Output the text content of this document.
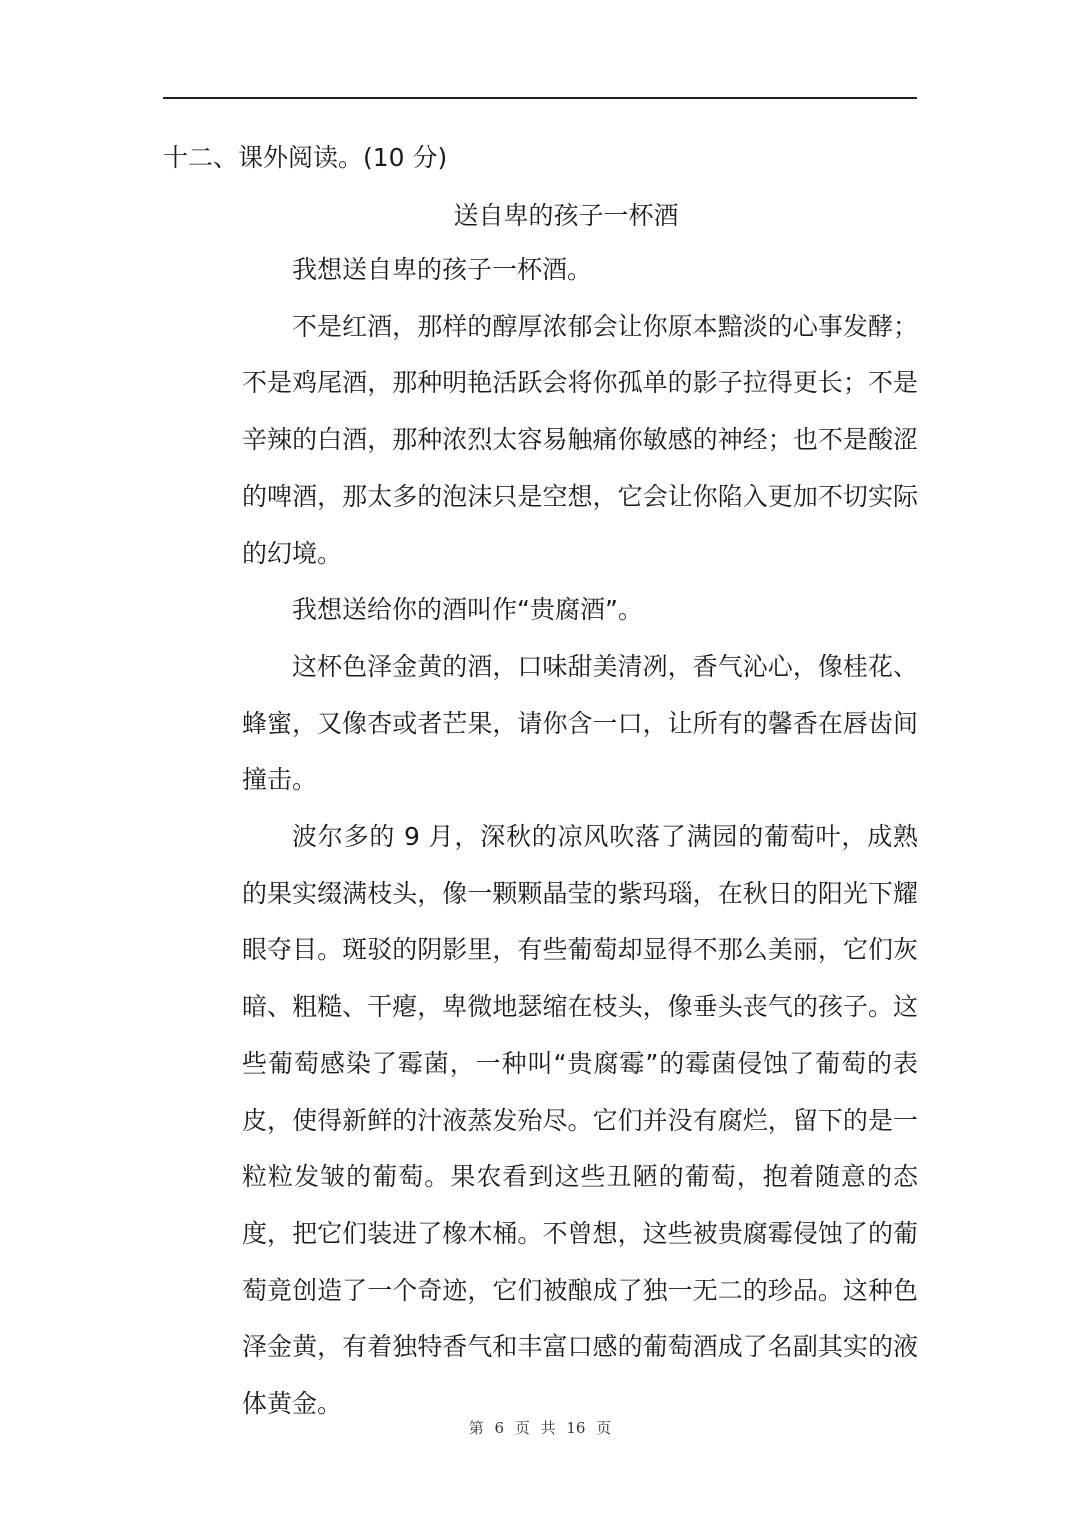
十二、课外阅读。(10 分)
送自卑的孩子一杯酒

我想送自卑的孩子一杯酒。

不是红酒，那样的醇厚浓郁会让你原本黯淡的心事发酵；不是鸡尾酒，那种明艳活跃会将你孤单的影子拉得更长；不是辛辣的白酒，那种浓烈太容易触痛你敏感的神经；也不是酸涩的啤酒，那太多的泡沫只是空想，它会让你陷入更加不切实际的幻境。

我想送给你的酒叫作“贵腐酒”。

这杯色泽金黄的酒，口味甜美清冽，香气沁心，像桂花、蜂蜜，又像杏或者芒果，请你含一口，让所有的馨香在唇齿间撞击。

波尔多的 9 月，深秋的凉风吹落了满园的葡萄叶，成熟的果实缀满枝头，像一颗颗晶莹的紫玛瑙，在秋日的阳光下耀眼夺目。斑驳的阴影里，有些葡萄却显得不那么美丽，它们灰暗、粗糙、干瘪，卑微地瑟缩在枝头，像垂头丧气的孩子。这些葡萄感染了霉菌，一种叫“贵腐霉”的霉菌侵蚀了葡萄的表皮，使得新鲜的汁液蒸发殆尽。它们并没有腐烂，留下的是一粒粒发皱的葡萄。果农看到这些丑陋的葡萄，抱着随意的态度，把它们装进了橡木桶。不曾想，这些被贵腐霉侵蚀了的葡萄竟创造了一个奇迹，它们被酿成了独一无二的珍品。这种色泽金黄，有着独特香气和丰富口感的葡萄酒成了名副其实的液体黄金。

第 6 页 共 16 页
